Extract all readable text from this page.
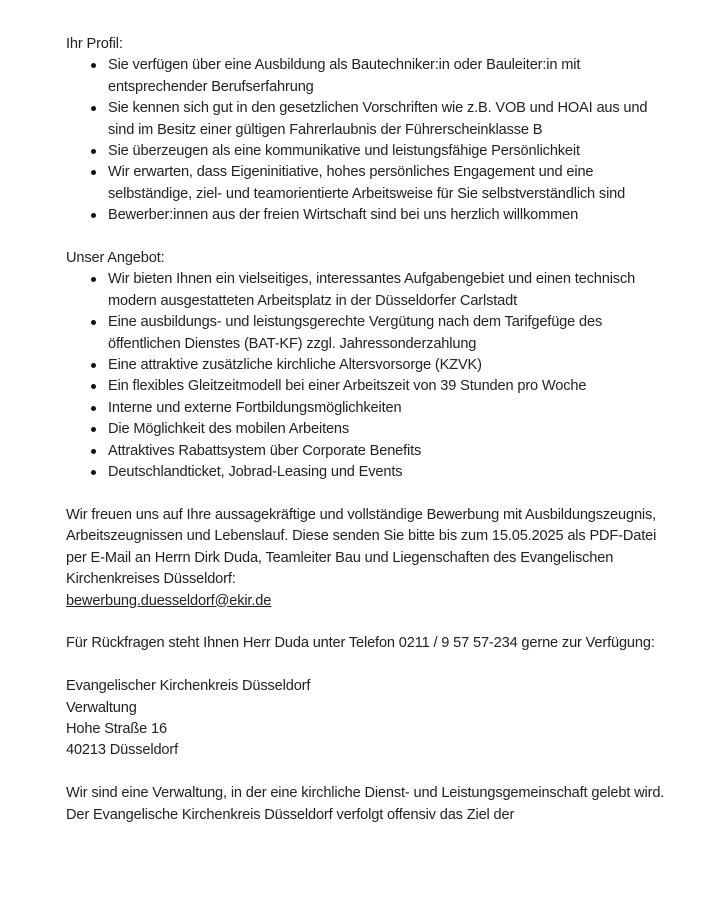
Ihr Profil:

Sie verfügen über eine Ausbildung als Bautechniker:in oder Bauleiter:in mit entsprechender Berufserfahrung
Sie kennen sich gut in den gesetzlichen Vorschriften wie z.B. VOB und HOAI aus und sind im Besitz einer gültigen Fahrerlaubnis der Führerscheinklasse B
Sie überzeugen als eine kommunikative und leistungsfähige Persönlichkeit
Wir erwarten, dass Eigeninitiative, hohes persönliches Engagement und eine selbständige, ziel- und teamorientierte Arbeitsweise für Sie selbstverständlich sind
Bewerber:innen aus der freien Wirtschaft sind bei uns herzlich willkommen

Unser Angebot:

Wir bieten Ihnen ein vielseitiges, interessantes Aufgabengebiet und einen technisch modern ausgestatteten Arbeitsplatz in der Düsseldorfer Carlstadt
Eine ausbildungs- und leistungsgerechte Vergütung nach dem Tarifgefüge des öffentlichen Dienstes (BAT-KF) zzgl. Jahressonderzahlung
Eine attraktive zusätzliche kirchliche Altersvorsorge (KZVK)
Ein flexibles Gleitzeitmodell bei einer Arbeitszeit von 39 Stunden pro Woche
Interne und externe Fortbildungsmöglichkeiten
Die Möglichkeit des mobilen Arbeitens
Attraktives Rabattsystem über Corporate Benefits
Deutschlandticket, Jobrad-Leasing und Events

Wir freuen uns auf Ihre aussagekräftige und vollständige Bewerbung mit Ausbildungszeugnis, Arbeitszeugnissen und Lebenslauf. Diese senden Sie bitte bis zum 15.05.2025 als PDF-Datei per E-Mail an Herrn Dirk Duda, Teamleiter Bau und Liegenschaften des Evangelischen Kirchenkreises Düsseldorf:
bewerbung.duesseldorf@ekir.de

Für Rückfragen steht Ihnen Herr Duda unter Telefon 0211 / 9 57 57-234 gerne zur Verfügung:

Evangelischer Kirchenkreis Düsseldorf

Verwaltung

Hohe Straße 16

40213 Düsseldorf

Wir sind eine Verwaltung, in der eine kirchliche Dienst- und Leistungsgemeinschaft gelebt wird. Der Evangelische Kirchenkreis Düsseldorf verfolgt offensiv das Ziel der
